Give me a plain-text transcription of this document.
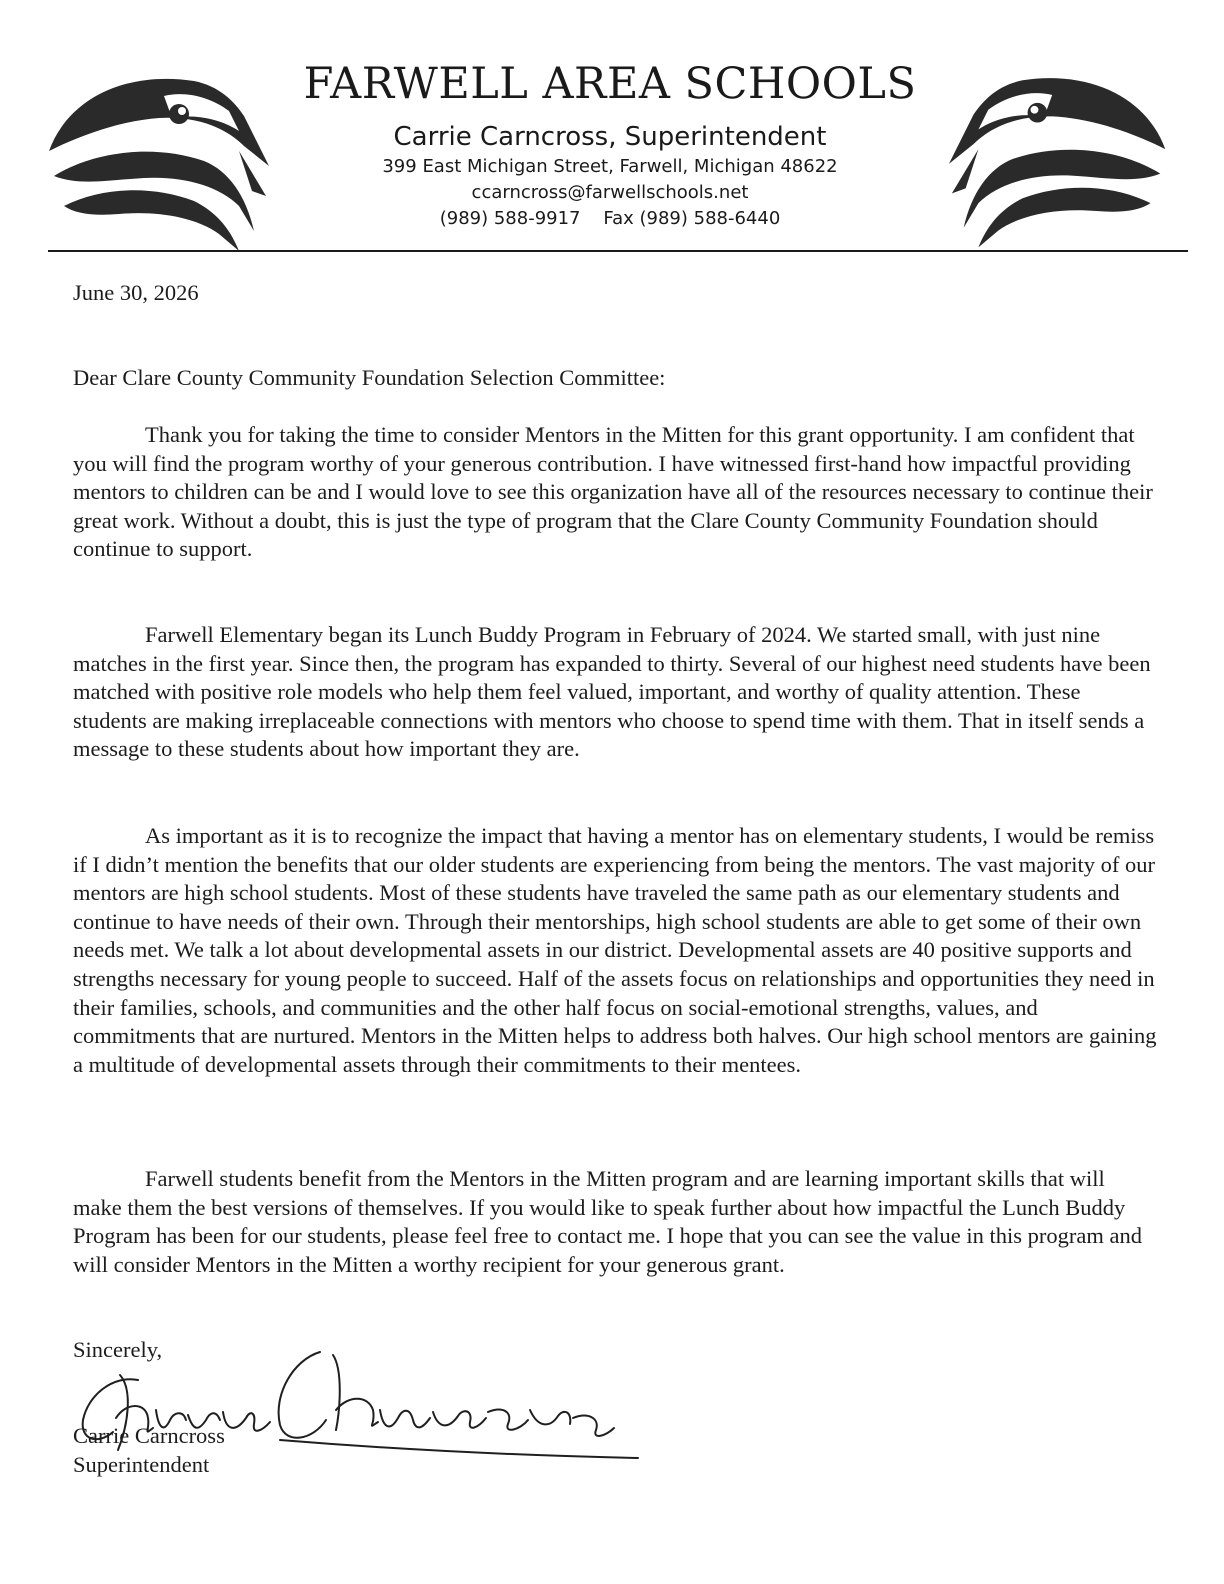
FARWELL AREA SCHOOLS
Carrie Carncross, Superintendent
399 East Michigan Street, Farwell, Michigan 48622
ccarncross@farwellschools.net
(989) 588-9917    Fax (989) 588-6440
June 30, 2026
Dear Clare County Community Foundation Selection Committee:

Thank you for taking the time to consider Mentors in the Mitten for this grant opportunity. I am confident that you will find the program worthy of your generous contribution. I have witnessed first-hand how impactful providing mentors to children can be and I would love to see this organization have all of the resources necessary to continue their great work. Without a doubt, this is just the type of program that the Clare County Community Foundation should continue to support.

Farwell Elementary began its Lunch Buddy Program in February of 2024. We started small, with just nine matches in the first year. Since then, the program has expanded to thirty. Several of our highest need students have been matched with positive role models who help them feel valued, important, and worthy of quality attention. These students are making irreplaceable connections with mentors who choose to spend time with them. That in itself sends a message to these students about how important they are.

As important as it is to recognize the impact that having a mentor has on elementary students, I would be remiss if I didn’t mention the benefits that our older students are experiencing from being the mentors. The vast majority of our mentors are high school students. Most of these students have traveled the same path as our elementary students and continue to have needs of their own. Through their mentorships, high school students are able to get some of their own needs met. We talk a lot about developmental assets in our district. Developmental assets are 40 positive supports and strengths necessary for young people to succeed. Half of the assets focus on relationships and opportunities they need in their families, schools, and communities and the other half focus on social-emotional strengths, values, and commitments that are nurtured. Mentors in the Mitten helps to address both halves. Our high school mentors are gaining a multitude of developmental assets through their commitments to their mentees.

Farwell students benefit from the Mentors in the Mitten program and are learning important skills that will make them the best versions of themselves. If you would like to speak further about how impactful the Lunch Buddy Program has been for our students, please feel free to contact me. I hope that you can see the value in this program and will consider Mentors in the Mitten a worthy recipient for your generous grant.

Sincerely,
Carrie Carncross
Superintendent
